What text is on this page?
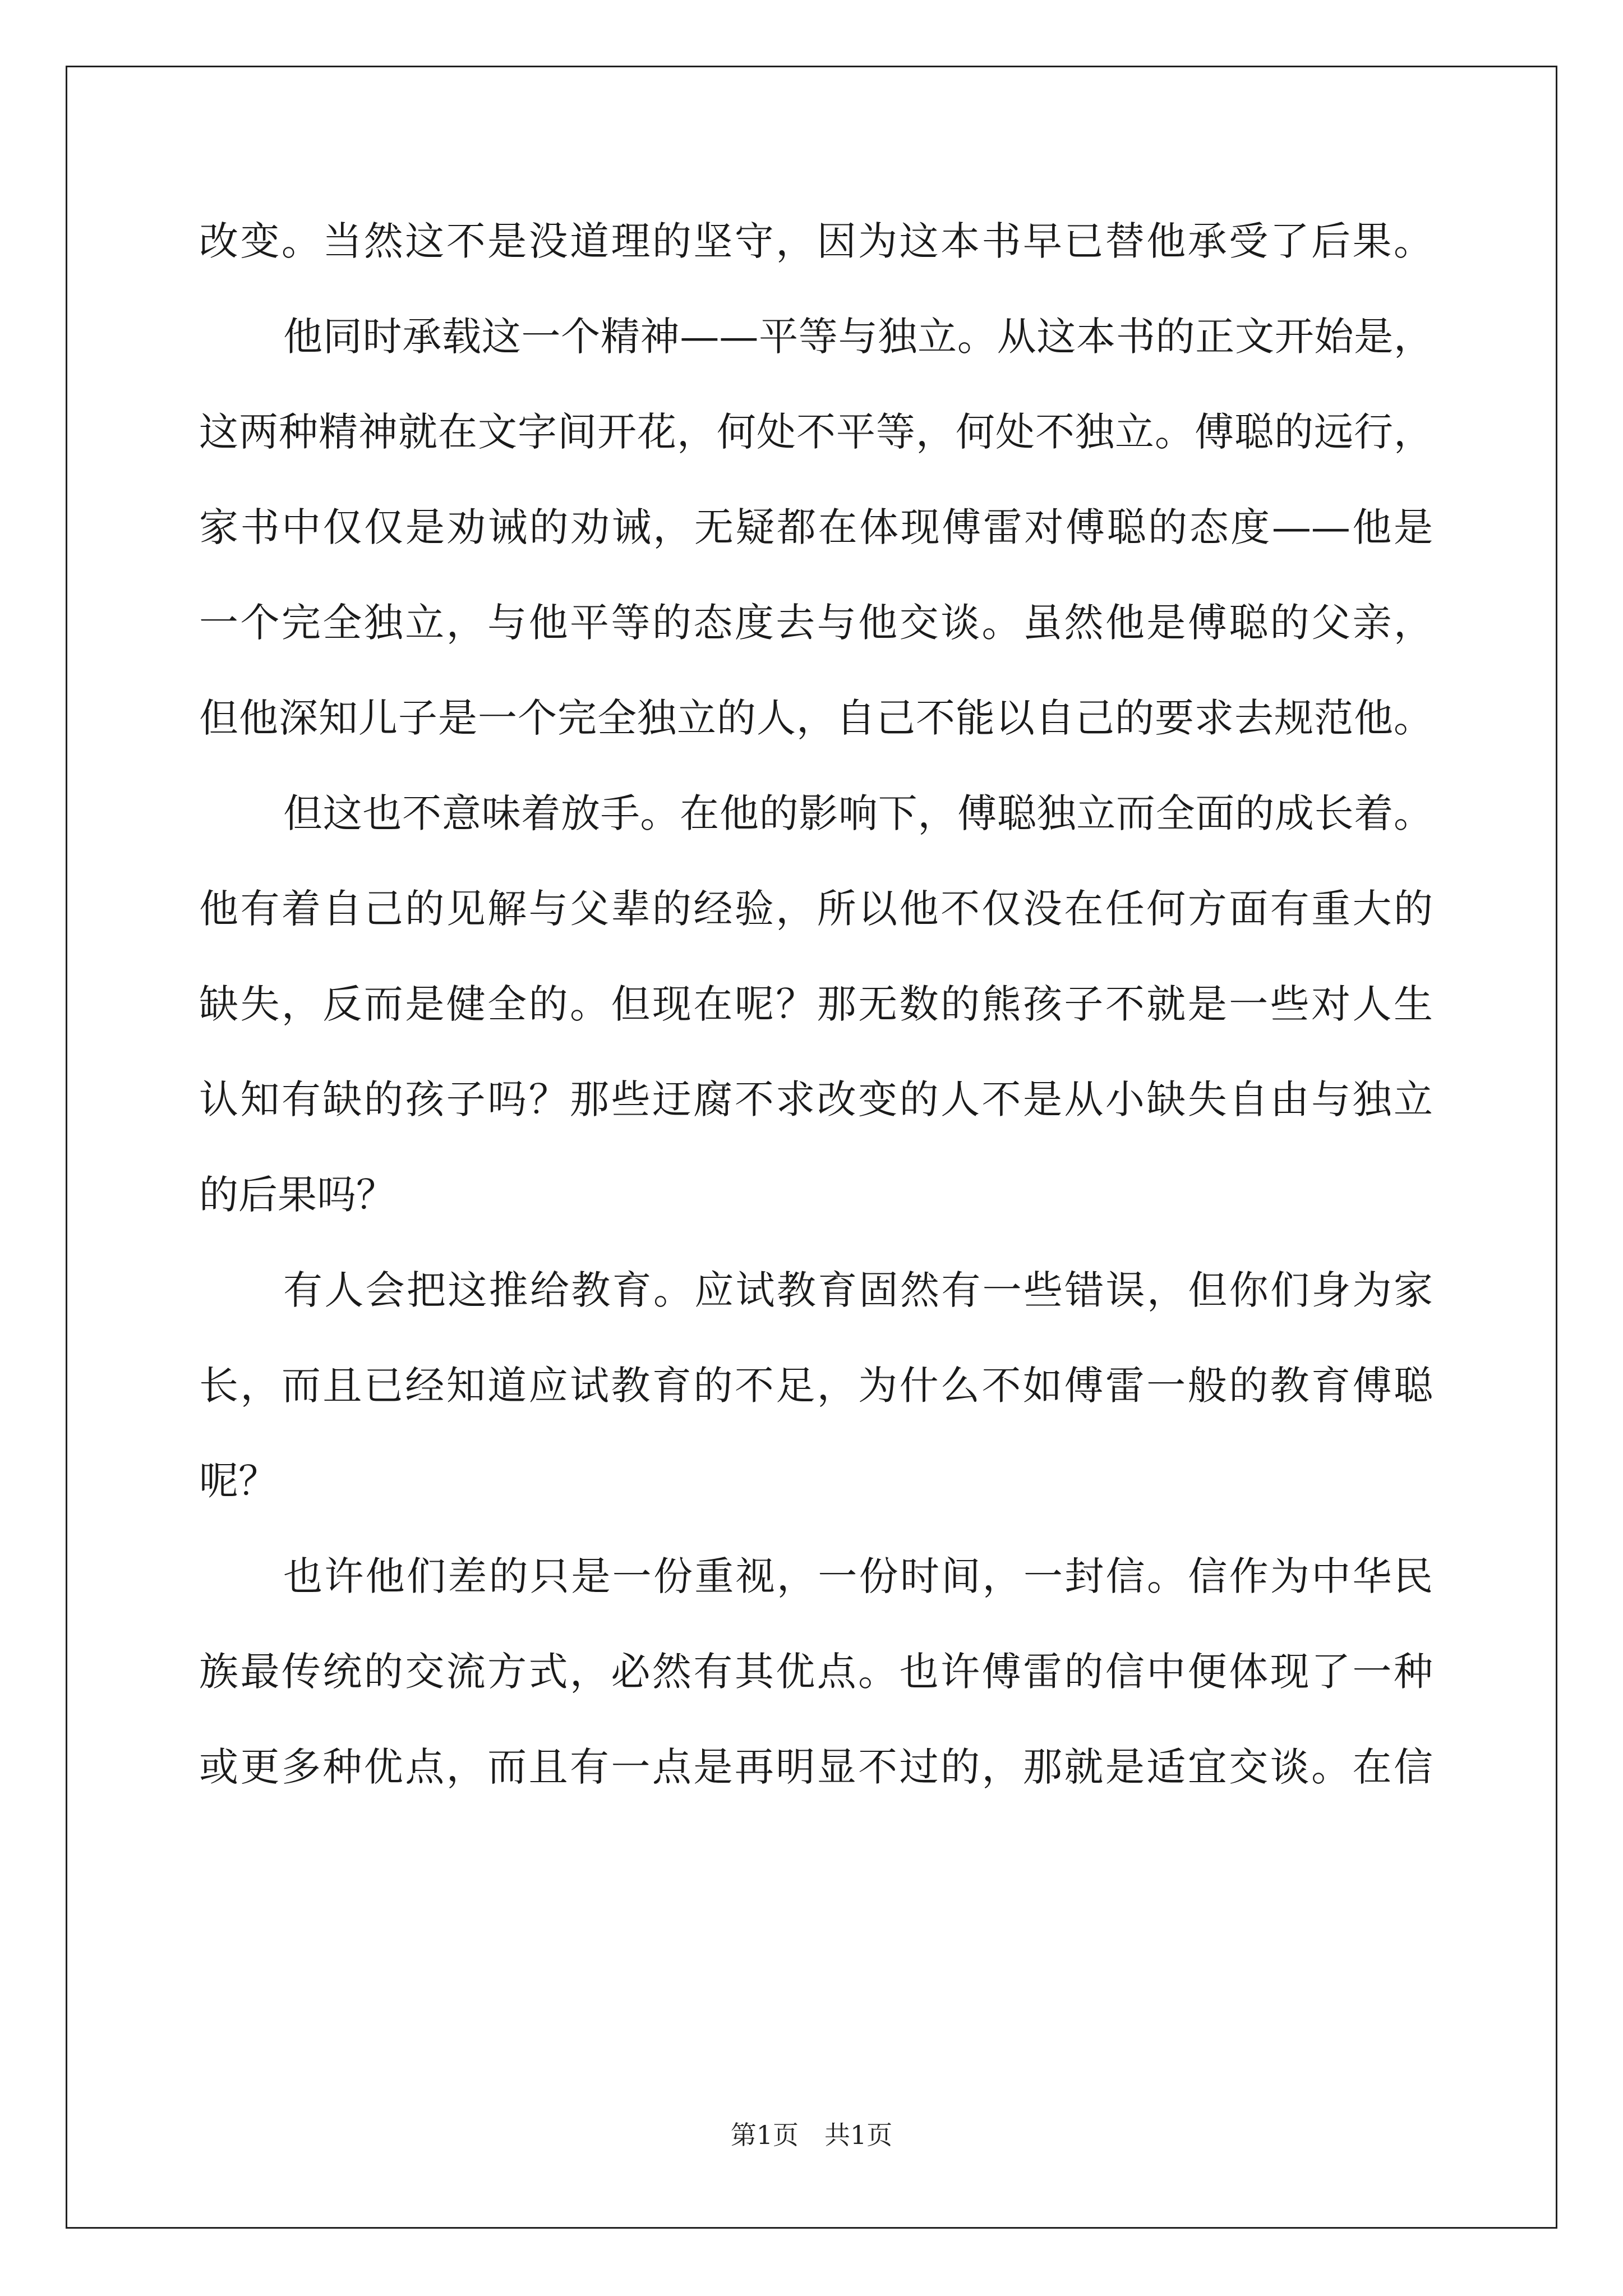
改变。当然这不是没道理的坚守，因为这本书早已替他承受了后果。
他同时承载这一个精神——平等与独立。从这本书的正文开始是，
这两种精神就在文字间开花，何处不平等，何处不独立。傅聪的远行，
家书中仅仅是劝诫的劝诫，无疑都在体现傅雷对傅聪的态度——他是
一个完全独立，与他平等的态度去与他交谈。虽然他是傅聪的父亲，
但他深知儿子是一个完全独立的人，自己不能以自己的要求去规范他。
但这也不意味着放手。在他的影响下，傅聪独立而全面的成长着。
他有着自己的见解与父辈的经验，所以他不仅没在任何方面有重大的
缺失，反而是健全的。但现在呢？那无数的熊孩子不就是一些对人生
认知有缺的孩子吗？那些迂腐不求改变的人不是从小缺失自由与独立
的后果吗？
有人会把这推给教育。应试教育固然有一些错误，但你们身为家
长，而且已经知道应试教育的不足，为什么不如傅雷一般的教育傅聪
呢？
也许他们差的只是一份重视，一份时间，一封信。信作为中华民
族最传统的交流方式，必然有其优点。也许傅雷的信中便体现了一种
或更多种优点，而且有一点是再明显不过的，那就是适宜交谈。在信
第1页　共1页
